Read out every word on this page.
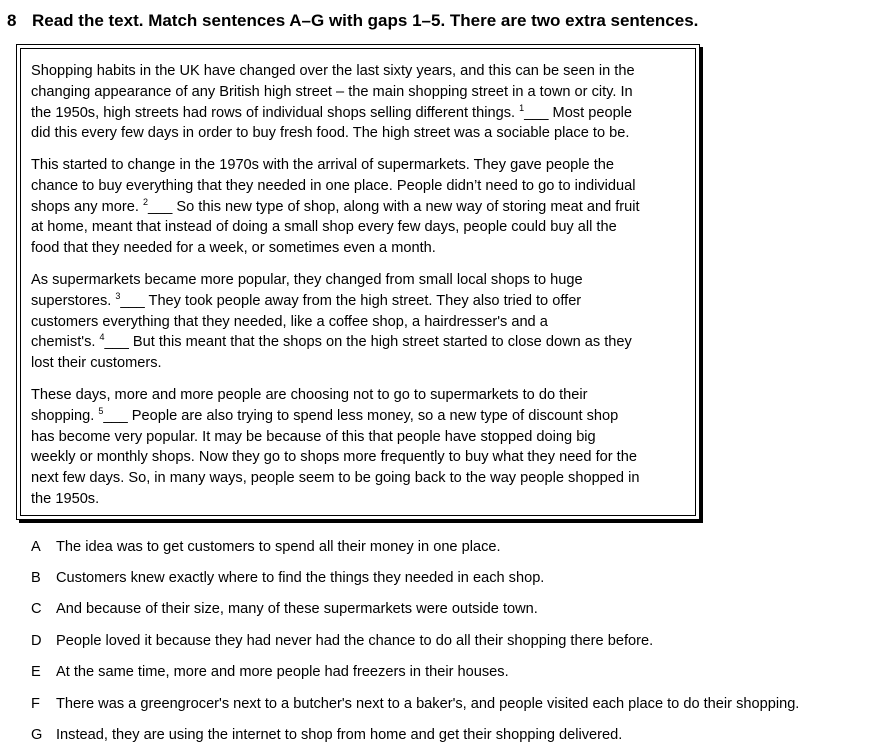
8 Read the text. Match sentences A–G with gaps 1–5. There are two extra sentences.
Shopping habits in the UK have changed over the last sixty years, and this can be seen in the
changing appearance of any British high street – the main shopping street in a town or city. In
the 1950s, high streets had rows of individual shops selling different things. $^1$___ Most people
did this every few days in order to buy fresh food. The high street was a sociable place to be.
This started to change in the 1970s with the arrival of supermarkets. They gave people the
chance to buy everything that they needed in one place. People didn’t need to go to individual
shops any more. $^2$___ So this new type of shop, along with a new way of storing meat and fruit
at home, meant that instead of doing a small shop every few days, people could buy all the
food that they needed for a week, or sometimes even a month.
As supermarkets became more popular, they changed from small local shops to huge
superstores. $^3$___ They took people away from the high street. They also tried to offer
customers everything that they needed, like a coffee shop, a hairdresser's and a
chemist's. $^4$___ But this meant that the shops on the high street started to close down as they
lost their customers.
These days, more and more people are choosing not to go to supermarkets to do their
shopping. $^5$___ People are also trying to spend less money, so a new type of discount shop
has become very popular. It may be because of this that people have stopped doing big
weekly or monthly shops. Now they go to shops more frequently to buy what they need for the
next few days. So, in many ways, people seem to be going back to the way people shopped in
the 1950s.
A The idea was to get customers to spend all their money in one place.
B Customers knew exactly where to find the things they needed in each shop.
C And because of their size, many of these supermarkets were outside town.
D People loved it because they had never had the chance to do all their shopping there before.
E At the same time, more and more people had freezers in their houses.
F There was a greengrocer's next to a butcher's next to a baker's, and people visited each place to do their shopping.
G Instead, they are using the internet to shop from home and get their shopping delivered.
